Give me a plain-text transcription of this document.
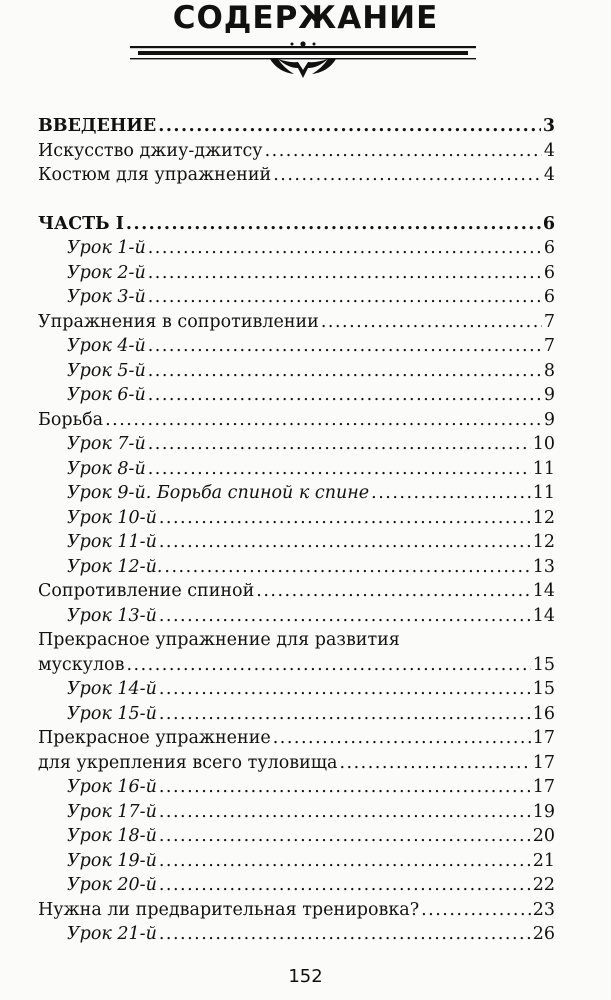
СОДЕРЖАНИЕ
ВВЕДЕНИЕ .....	3
Искусство джиу-джитсу .....	4
Костюм для упражнений .....	4
ЧАСТЬ I .....	6
Урок 1-й .....	6
Урок 2-й .....	6
Урок 3-й .....	6
Упражнения в сопротивлении .....	7
Урок 4-й .....	7
Урок 5-й .....	8
Урок 6-й .....	9
Борьба .....	9
Урок 7-й .....	10
Урок 8-й .....	11
Урок 9-й. Борьба спиной к спине .....	11
Урок 10-й .....	12
Урок 11-й .....	12
Урок 12-й. .....	13
Сопротивление спиной .....	14
Урок 13-й .....	14
Прекрасное упражнение для развития
мускулов .....	15
Урок 14-й .....	15
Урок 15-й .....	16
Прекрасное упражнение .....	17
для укрепления всего туловища .....	17
Урок 16-й .....	17
Урок 17-й .....	19
Урок 18-й .....	20
Урок 19-й .....	21
Урок 20-й .....	22
Нужна ли предварительная тренировка? .....	23
Урок 21-й .....	26
152
